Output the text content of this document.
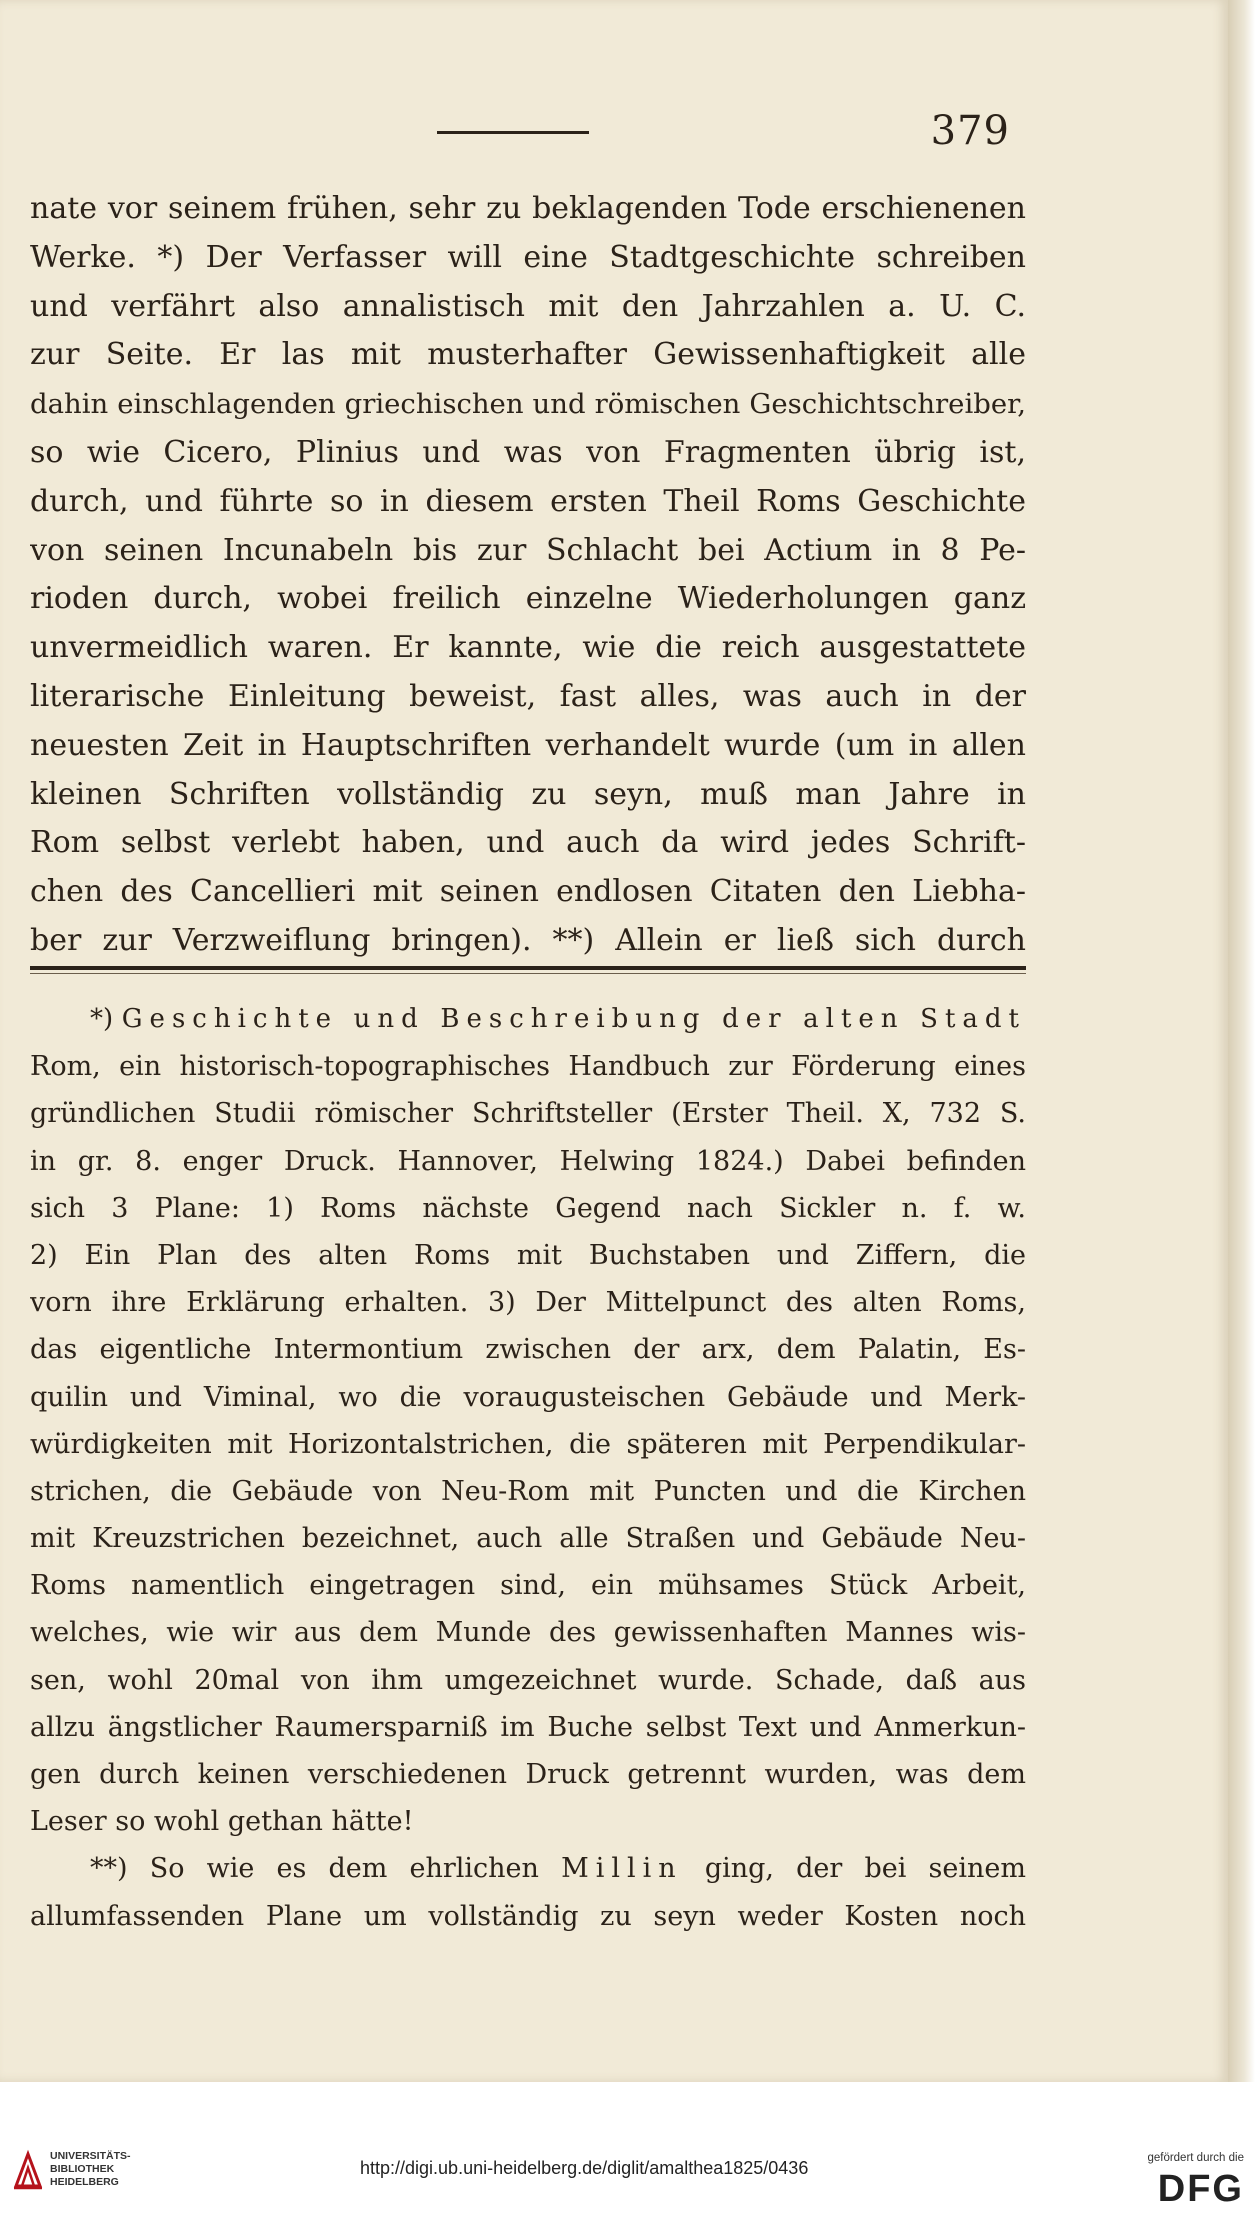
379
nate vor seinem frühen, sehr zu beklagenden Tode erschienenen
Werke. *) Der Verfasser will eine Stadtgeschichte schreiben
und verfährt also annalistisch mit den Jahrzahlen a. U. C.
zur Seite. Er las mit musterhafter Gewissenhaftigkeit alle
dahin einschlagenden griechischen und römischen Geschichtschreiber,
so wie Cicero, Plinius und was von Fragmenten übrig ist,
durch, und führte so in diesem ersten Theil Roms Geschichte
von seinen Incunabeln bis zur Schlacht bei Actium in 8 Pe-
rioden durch, wobei freilich einzelne Wiederholungen ganz
unvermeidlich waren. Er kannte, wie die reich ausgestattete
literarische Einleitung beweist, fast alles, was auch in der
neuesten Zeit in Hauptschriften verhandelt wurde (um in allen
kleinen Schriften vollständig zu seyn, muß man Jahre in
Rom selbst verlebt haben, und auch da wird jedes Schrift-
chen des Cancellieri mit seinen endlosen Citaten den Liebha-
ber zur Verzweiflung bringen). **) Allein er ließ sich durch
*) Geschichte und Beschreibung der alten Stadt
Rom, ein historisch-topographisches Handbuch zur Förderung eines
gründlichen Studii römischer Schriftsteller (Erster Theil. X, 732 S.
in gr. 8. enger Druck. Hannover, Helwing 1824.) Dabei befinden
sich 3 Plane: 1) Roms nächste Gegend nach Sickler n. f. w.
2) Ein Plan des alten Roms mit Buchstaben und Ziffern, die
vorn ihre Erklärung erhalten. 3) Der Mittelpunct des alten Roms,
das eigentliche Intermontium zwischen der arx, dem Palatin, Es-
quilin und Viminal, wo die voraugusteischen Gebäude und Merk-
würdigkeiten mit Horizontalstrichen, die späteren mit Perpendikular-
strichen, die Gebäude von Neu-Rom mit Puncten und die Kirchen
mit Kreuzstrichen bezeichnet, auch alle Straßen und Gebäude Neu-
Roms namentlich eingetragen sind, ein mühsames Stück Arbeit,
welches, wie wir aus dem Munde des gewissenhaften Mannes wis-
sen, wohl 20mal von ihm umgezeichnet wurde. Schade, daß aus
allzu ängstlicher Raumersparniß im Buche selbst Text und Anmerkun-
gen durch keinen verschiedenen Druck getrennt wurden, was dem
Leser so wohl gethan hätte!
**) So wie es dem ehrlichen Millin ging, der bei seinem
allumfassenden Plane um vollständig zu seyn weder Kosten noch
UNIVERSITÄTS-
BIBLIOTHEK
HEIDELBERG
http://digi.ub.uni-heidelberg.de/diglit/amalthea1825/0436	gefördert durch die
DFG
